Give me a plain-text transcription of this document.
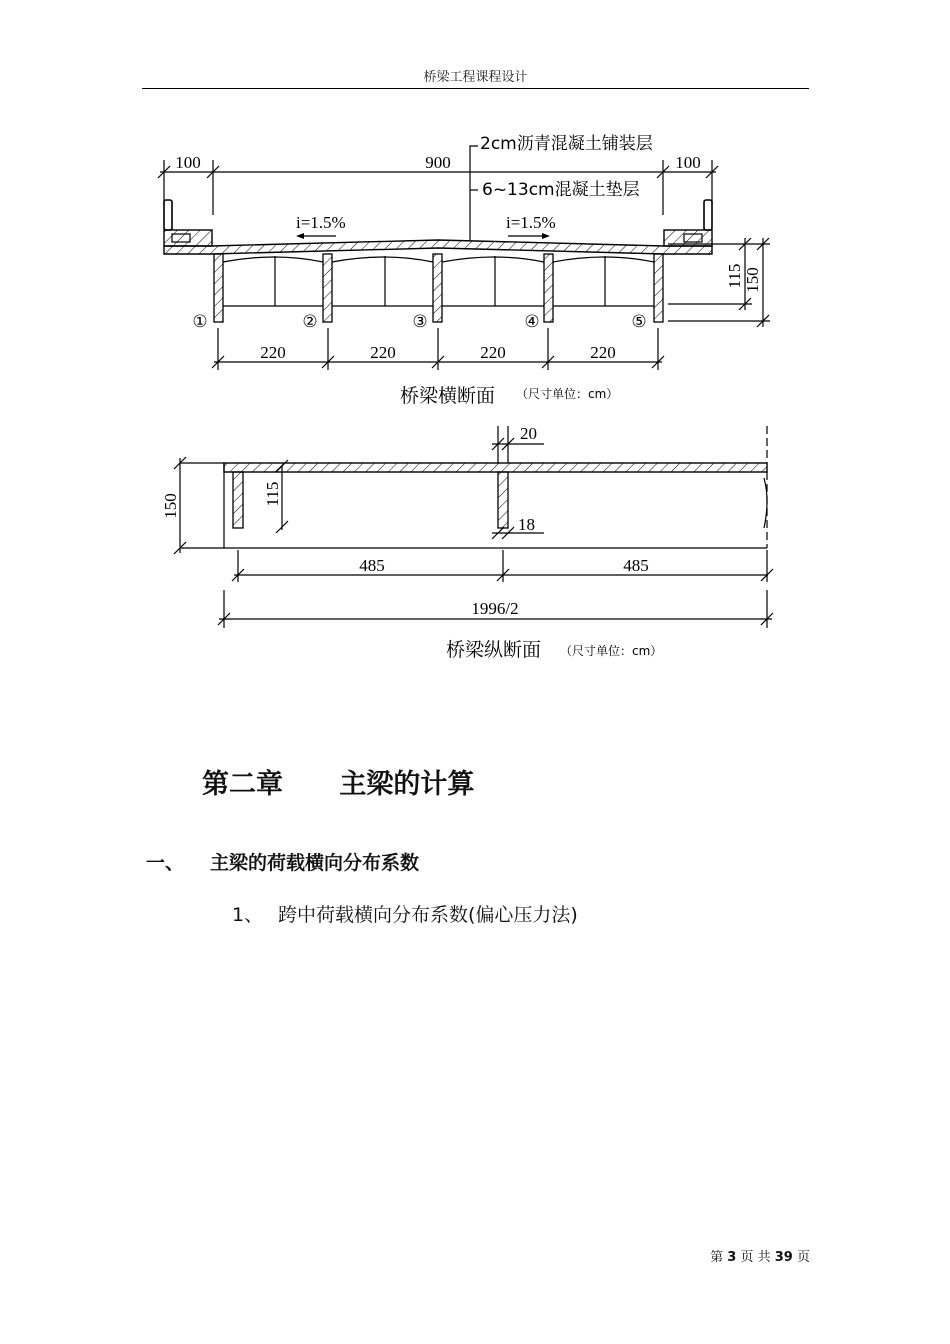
桥梁工程课程设计
100	900	100
2cm沥青混凝土铺装层
6~13cm混凝土垫层
i=1.5%	i=1.5%
①	②	③	④	⑤
115 150
220	220	220	220
桥梁横断面 （尺寸单位：cm）
150	115
20
18
485	485
1996/2
桥梁纵断面 （尺寸单位：cm）
第二章      主梁的计算
一、 主梁的荷载横向分布系数
1、 跨中荷载横向分布系数(偏心压力法)
第 3 页 共 39 页
